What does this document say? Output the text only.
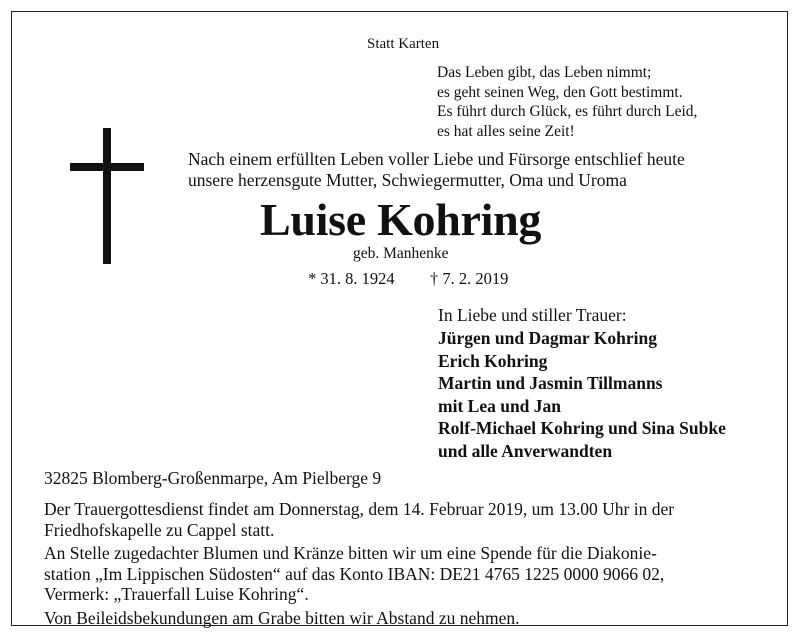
Statt Karten
Das Leben gibt, das Leben nimmt;
es geht seinen Weg, den Gott bestimmt.
Es führt durch Glück, es führt durch Leid,
es hat alles seine Zeit!
Nach einem erfüllten Leben voller Liebe und Fürsorge entschlief heute
unsere herzensgute Mutter, Schwiegermutter, Oma und Uroma
Luise Kohring
geb. Manhenke
* 31. 8. 1924 † 7. 2. 2019
In Liebe und stiller Trauer:
Jürgen und Dagmar Kohring
Erich Kohring
Martin und Jasmin Tillmanns
mit Lea und Jan
Rolf-Michael Kohring und Sina Subke
und alle Anverwandten
32825 Blomberg-Großenmarpe, Am Pielberge 9
Der Trauergottesdienst findet am Donnerstag, dem 14. Februar 2019, um 13.00 Uhr in der
Friedhofskapelle zu Cappel statt.
An Stelle zugedachter Blumen und Kränze bitten wir um eine Spende für die Diakonie-
station „Im Lippischen Südosten“ auf das Konto IBAN: DE21 4765 1225 0000 9066 02,
Vermerk: „Trauerfall Luise Kohring“.
Von Beileidsbekundungen am Grabe bitten wir Abstand zu nehmen.
